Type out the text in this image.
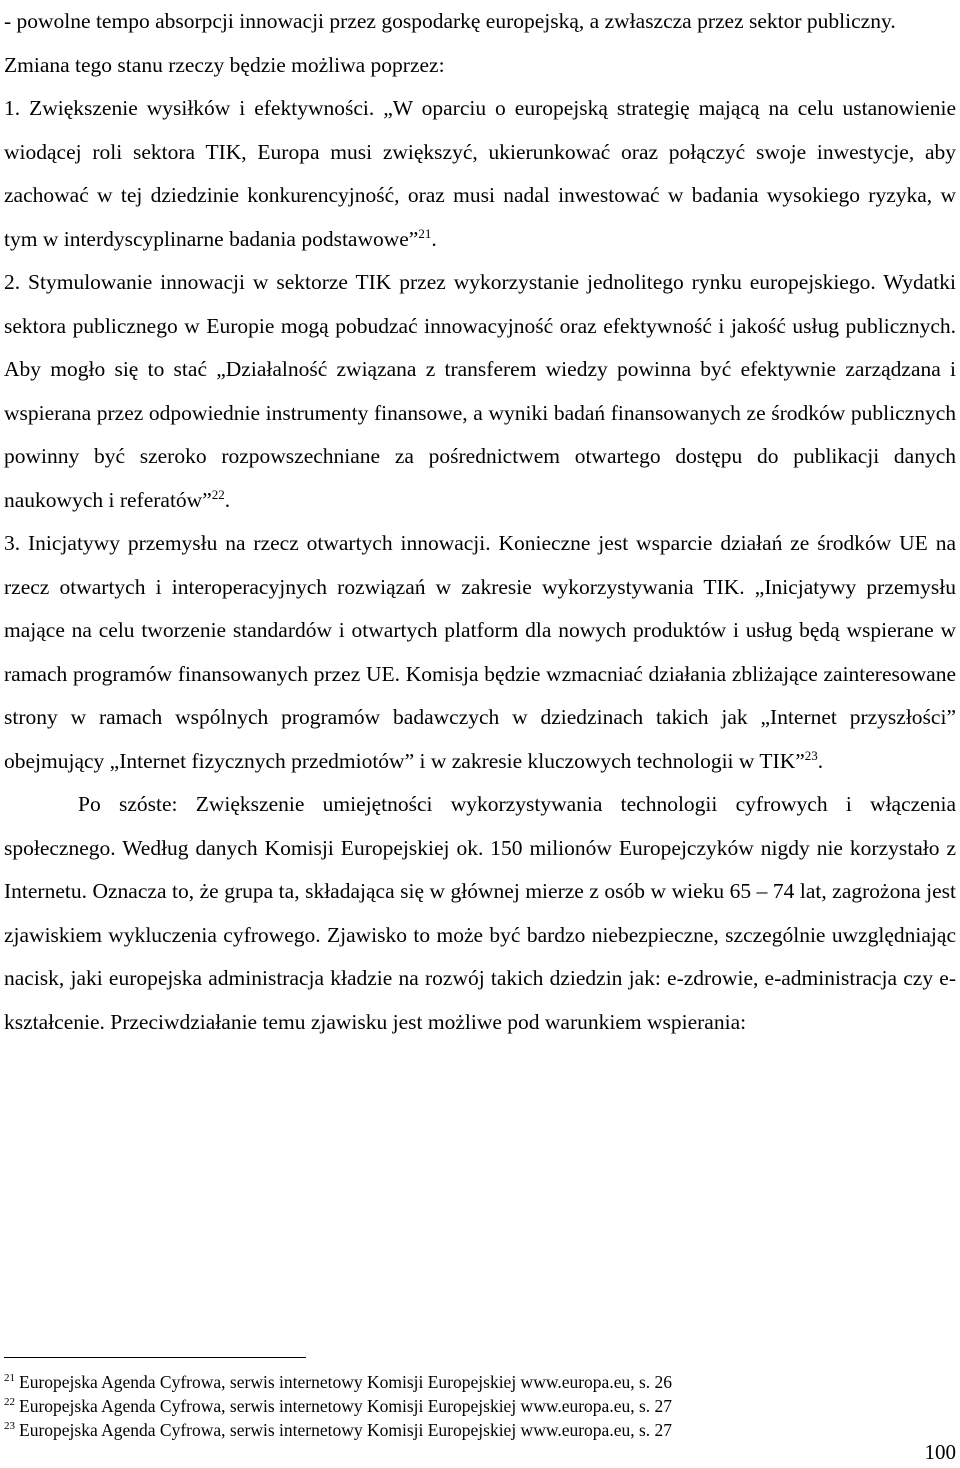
- powolne tempo absorpcji innowacji przez gospodarkę europejską, a zwłaszcza przez sektor publiczny.

Zmiana tego stanu rzeczy będzie możliwa poprzez:

1. Zwiększenie wysiłków i efektywności. „W oparciu o europejską strategię mającą na celu ustanowienie wiodącej roli sektora TIK, Europa musi zwiększyć, ukierunkować oraz połączyć swoje inwestycje, aby zachować w tej dziedzinie konkurencyjność, oraz musi nadal inwestować w badania wysokiego ryzyka, w tym w interdyscyplinarne badania podstawowe”$^{21}$.

2. Stymulowanie innowacji w sektorze TIK przez wykorzystanie jednolitego rynku europejskiego. Wydatki sektora publicznego w Europie mogą pobudzać innowacyjność oraz efektywność i jakość usług publicznych. Aby mogło się to stać „Działalność związana z transferem wiedzy powinna być efektywnie zarządzana i wspierana przez odpowiednie instrumenty finansowe, a wyniki badań finansowanych ze środków publicznych powinny być szeroko rozpowszechniane za pośrednictwem otwartego dostępu do publikacji danych naukowych i referatów”$^{22}$.

3. Inicjatywy przemysłu na rzecz otwartych innowacji. Konieczne jest wsparcie działań ze środków UE na rzecz otwartych i interoperacyjnych rozwiązań w zakresie wykorzystywania TIK. „Inicjatywy przemysłu mające na celu tworzenie standardów i otwartych platform dla nowych produktów i usług będą wspierane w ramach programów finansowanych przez UE. Komisja będzie wzmacniać działania zbliżające zainteresowane strony w ramach wspólnych programów badawczych w dziedzinach takich jak „Internet przyszłości” obejmujący „Internet fizycznych przedmiotów” i w zakresie kluczowych technologii w TIK”$^{23}$.

Po szóste: Zwiększenie umiejętności wykorzystywania technologii cyfrowych i włączenia społecznego. Według danych Komisji Europejskiej ok. 150 milionów Europejczyków nigdy nie korzystało z Internetu. Oznacza to, że grupa ta, składająca się w głównej mierze z osób w wieku 65 – 74 lat, zagrożona jest zjawiskiem wykluczenia cyfrowego. Zjawisko to może być bardzo niebezpieczne, szczególnie uwzględniając nacisk, jaki europejska administracja kładzie na rozwój takich dziedzin jak: e-zdrowie, e-administracja czy e-kształcenie. Przeciwdziałanie temu zjawisku jest możliwe pod warunkiem wspierania:

$^{21}$ Europejska Agenda Cyfrowa, serwis internetowy Komisji Europejskiej www.europa.eu, s. 26
$^{22}$ Europejska Agenda Cyfrowa, serwis internetowy Komisji Europejskiej www.europa.eu, s. 27
$^{23}$ Europejska Agenda Cyfrowa, serwis internetowy Komisji Europejskiej www.europa.eu, s. 27
100
